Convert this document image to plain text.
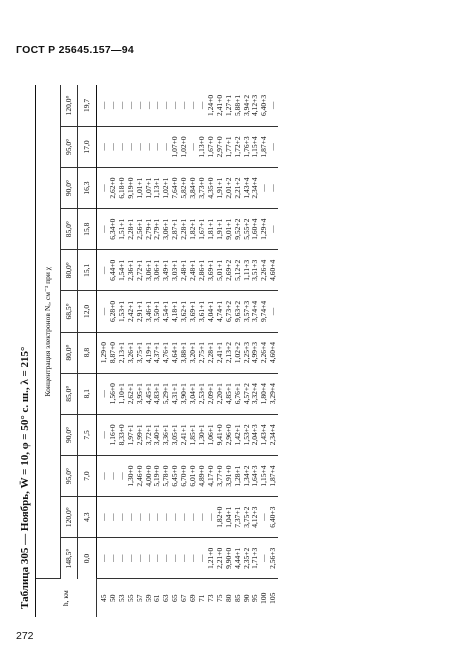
ГОСТ Р 25645.157—94
Таблица 305 — Ноябрь, W̄ = 10, φ = 50° с. ш., λ = 215°	h, км	Концентрация электронов Nₑ, см⁻³ при χ											
	148,5°	120,0°	95,0°	90,0°	85,0°	80,0°	68,5°	80,0°	85,0°	90,0°	95,0°	120,0°
	0,0	4,3	7,0	7,5	8,1	8,8	12,0	15,1	15,8	16,3	17,0	19,7
45	—	—	—	—	—	1,29+0	—	—	—	—	—	—
50	—	—	—	1,16+0	1,56+0	8,87+0	6,28+0	6,44+0	6,34+0	2,62+0	—	—
53	—	—	—	8,33+0	1,10+1	2,13+1	1,53+1	1,54+1	1,51+1	6,18+0	—	—
55	—	—	1,30+0	1,97+1	2,62+1	3,26+1	2,42+1	2,36+1	2,28+1	9,19+0	—	—
57	—	—	2,46+0	2,99+1	3,95+1	3,75+1	2,91+1	2,72+1	2,56+1	1,01+1	—	—
59	—	—	4,00+0	3,72+1	4,45+1	4,19+1	3,46+1	3,06+1	2,79+1	1,07+1	—	—
61	—	—	5,19+0	3,40+1	4,83+1	4,37+1	3,50+1	3,06+1	2,79+1	1,13+1	—	—
63	—	—	5,78+0	3,36+1	5,29+1	4,76+1	4,54+1	3,49+1	3,06+1	1,02+1	—	—
65	—	—	6,45+0	3,05+1	4,31+1	4,64+1	4,18+1	3,03+1	2,87+1	7,64+0	1,07+0	—
67	—	—	6,70+0	2,41+1	3,90+1	3,88+1	3,62+1	2,48+1	2,28+1	5,82+0	1,02+0	—
69	—	—	6,01+0	1,85+1	3,04+1	3,20+1	3,69+1	2,48+1	1,82+1	3,84+0	—	—
71	—	—	4,89+0	1,30+1	2,53+1	2,75+1	3,61+1	2,86+1	1,67+1	3,73+0	1,13+0	—
73	1,21+0	—	4,17+0	1,06+1	2,09+1	2,28+1	4,04+1	3,69+1	1,81+1	4,35+0	1,67+0	1,24+0
75	2,21+0	1,82+0	3,77+0	9,41+0	2,20+1	2,41+1	4,74+1	5,01+1	1,91+1	1,91+1	2,97+0	2,41+0
80	9,90+0	1,04+1	3,91+0	2,96+0	4,85+1	2,13+2	6,73+2	2,69+2	9,01+1	2,01+2	1,77+1	1,27+1
85	4,44+1	7,37+1	1,28+1	1,42+1	6,76+1	1,02+2	9,63+2	5,12+2	9,52+2	2,21+2	1,72+2	5,88+1
90	2,35+2	3,75+2	1,34+2	1,53+2	4,57+2	2,25+3	3,57+3	1,11+3	5,55+2	1,43+4	1,76+3	3,94+2
95	1,71+3	4,12+3	1,64+3	2,04+3	3,32+4	4,99+3	3,74+4	3,51+3	1,60+4	2,34+4	1,15+4	4,12+3
100	—	—	1,15+4	1,43+4	1,80+4	2,26+4	9,74+4	2,26+4	1,29+4	—	1,87+4	6,40+3
105	2,56+3	6,40+3	1,87+4	2,34+4	3,29+4	4,60+4	—	4,60+4	—	—	—	—
272
